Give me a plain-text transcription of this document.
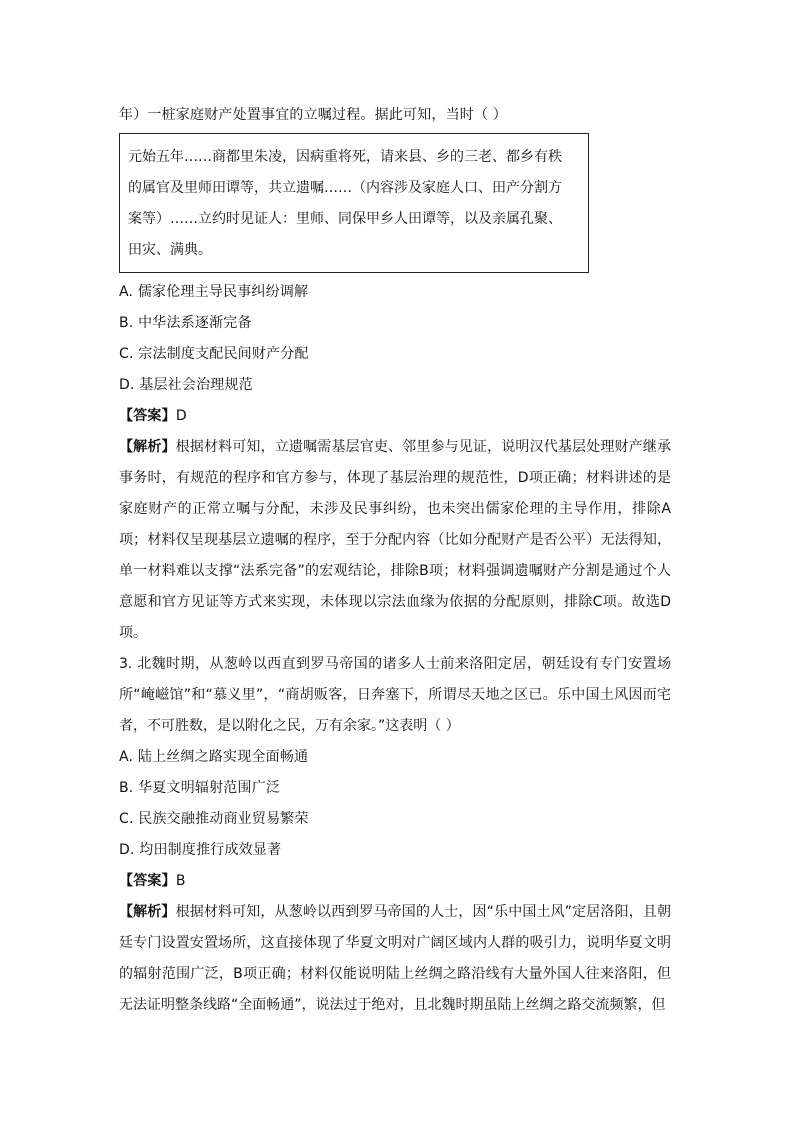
年）一桩家庭财产处置事宜的立嘱过程。据此可知，当时（ ）
元始五年……商都里朱凌，因病重将死，请来县、乡的三老、都乡有秩
的属官及里师田谭等，共立遗嘱……（内容涉及家庭人口、田产分割方
案等）……立约时见证人：里师、同保甲乡人田谭等，以及亲属孔聚、
田灾、满典。
A. 儒家伦理主导民事纠纷调解
B. 中华法系逐渐完备
C. 宗法制度支配民间财产分配
D. 基层社会治理规范
【答案】D
【解析】根据材料可知，立遗嘱需基层官吏、邻里参与见证，说明汉代基层处理财产继承事务时，有规范的程序和官方参与，体现了基层治理的规范性，D项正确；材料讲述的是家庭财产的正常立嘱与分配，未涉及民事纠纷，也未突出儒家伦理的主导作用，排除A项；材料仅呈现基层立遗嘱的程序，至于分配内容（比如分配财产是否公平）无法得知，单一材料难以支撑“法系完备”的宏观结论，排除B项；材料强调遗嘱财产分割是通过个人意愿和官方见证等方式来实现，未体现以宗法血缘为依据的分配原则，排除C项。故选D项。
3. 北魏时期，从葱岭以西直到罗马帝国的诸多人士前来洛阳定居，朝廷设有专门安置场所“崦嵫馆”和“慕义里”，“商胡贩客，日奔塞下，所谓尽天地之区已。乐中国土风因而宅者，不可胜数，是以附化之民，万有余家。”这表明（ ）
A. 陆上丝绸之路实现全面畅通
B. 华夏文明辐射范围广泛
C. 民族交融推动商业贸易繁荣
D. 均田制度推行成效显著
【答案】B
【解析】根据材料可知，从葱岭以西到罗马帝国的人士，因“乐中国土风”定居洛阳，且朝廷专门设置安置场所，这直接体现了华夏文明对广阔区域内人群的吸引力，说明华夏文明的辐射范围广泛，B项正确；材料仅能说明陆上丝绸之路沿线有大量外国人往来洛阳，但无法证明整条线路“全面畅通”，说法过于绝对，且北魏时期虽陆上丝绸之路交流频繁，但
